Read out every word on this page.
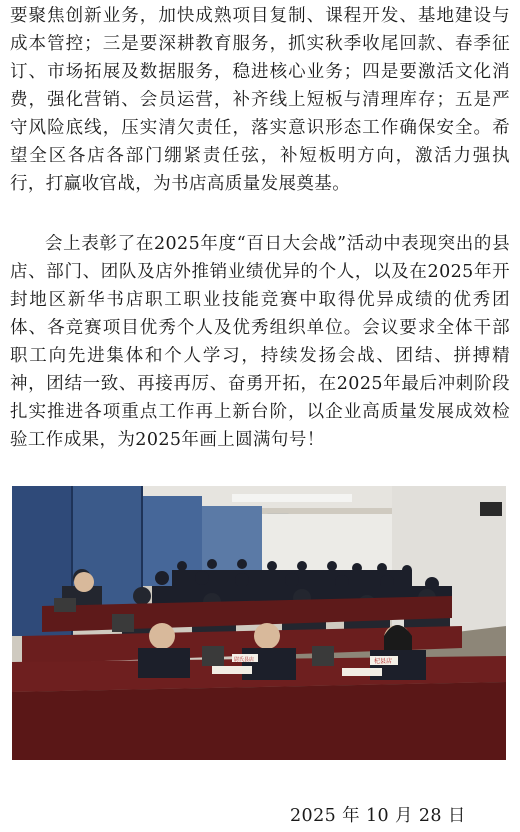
要聚焦创新业务，加快成熟项目复制、课程开发、基地建设与成本管控；三是要深耕教育服务，抓实秋季收尾回款、春季征订、市场拓展及数据服务，稳进核心业务；四是要激活文化消费，强化营销、会员运营，补齐线上短板与清理库存；五是严守风险底线，压实清欠责任，落实意识形态工作确保安全。希望全区各店各部门绷紧责任弦，补短板明方向，激活力强执行，打赢收官战，为书店高质量发展奠基。

会上表彰了在2025年度“百日大会战”活动中表现突出的县店、部门、团队及店外推销业绩优异的个人，以及在2025年开封地区新华书店职工职业技能竞赛中取得优异成绩的优秀团体、各竞赛项目优秀个人及优秀组织单位。会议要求全体干部职工向先进集体和个人学习，持续发扬会战、团结、拼搏精神，团结一致、再接再厉、奋勇开拓，在2025年最后冲刺阶段扎实推进各项重点工作再上新台阶，以企业高质量发展成效检验工作成果，为2025年画上圆满句号！

尉氏县店	杞县店
2025 年 10 月 28 日
